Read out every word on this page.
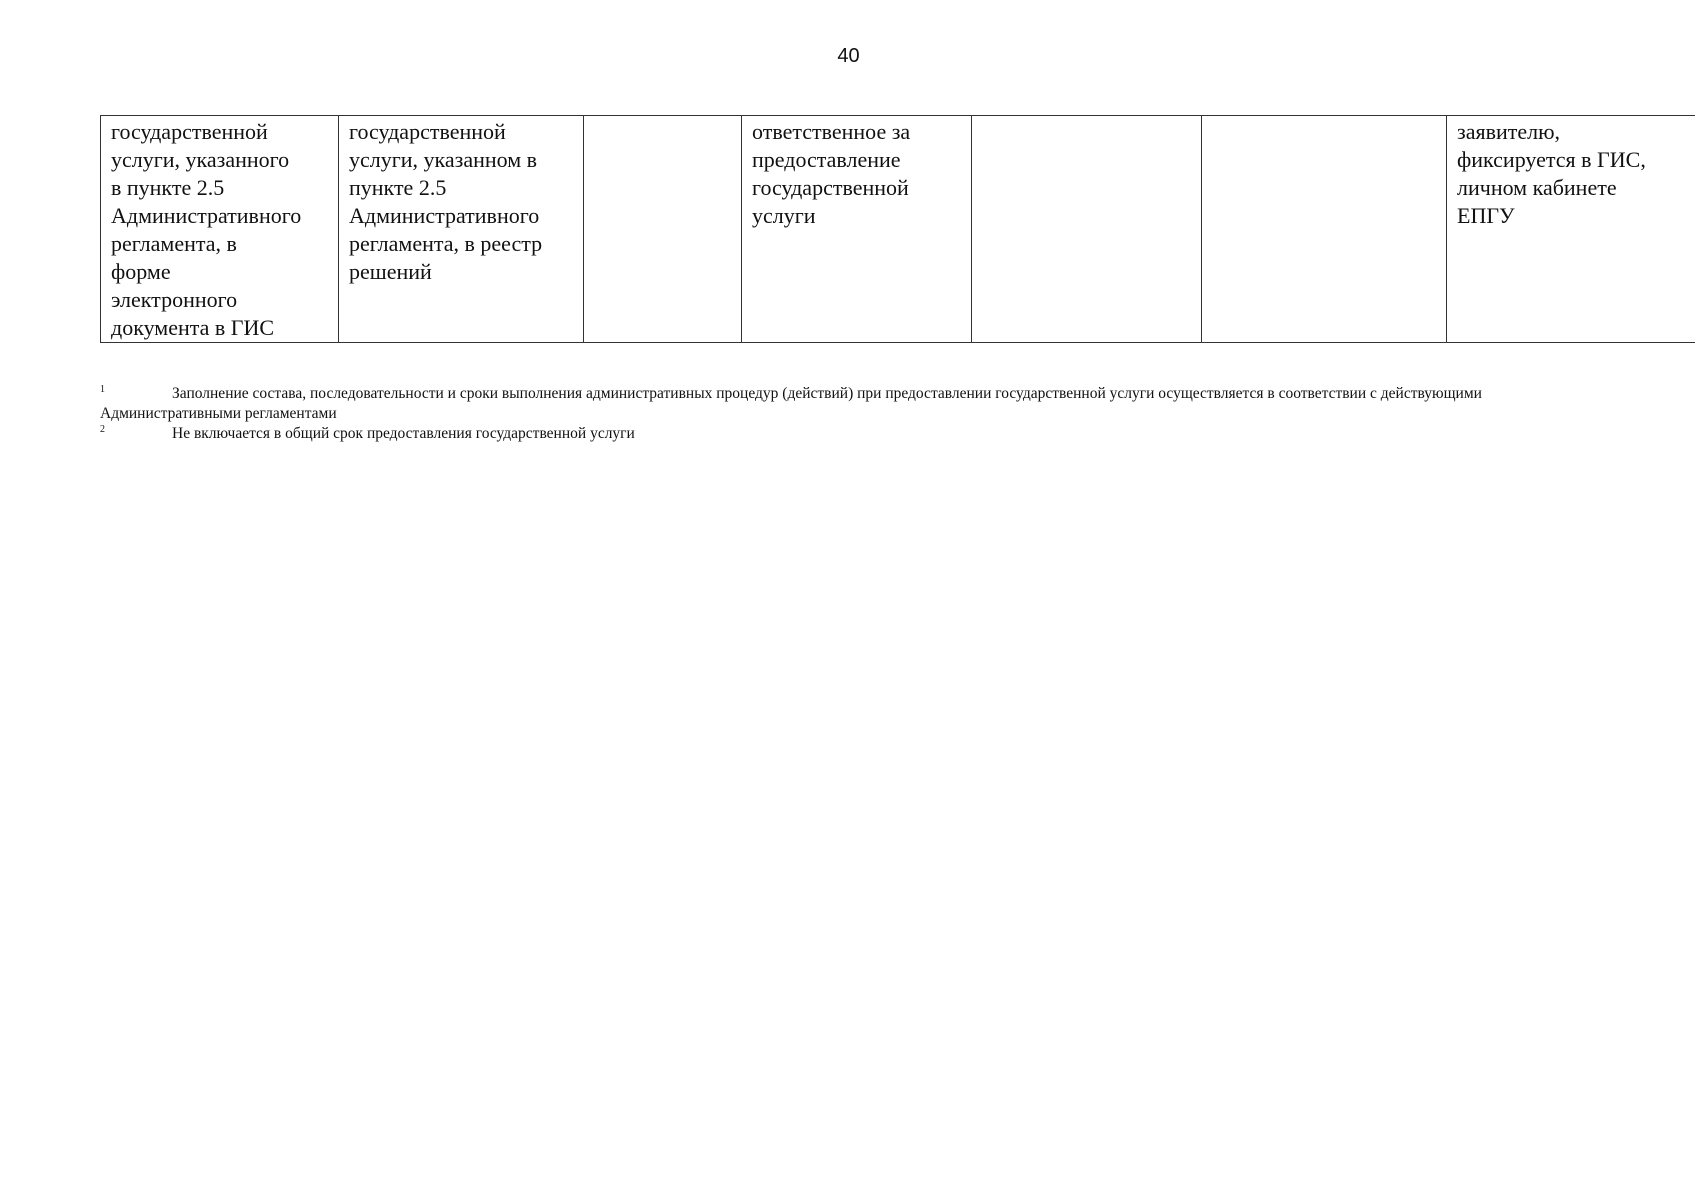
40
государственной
услуги, указанного
в пункте 2.5
Административного
регламента, в
форме
электронного
документа в ГИС	государственной
услуги, указанном в
пункте 2.5
Административного
регламента, в реестр
решений		ответственное за
предоставление
государственной
услуги			заявителю,
фиксируется в ГИС,
личном кабинете
ЕПГУ
1	Заполнение состава, последовательности и сроки выполнения административных процедур (действий) при предоставлении государственной услуги осуществляется в соответствии с действующими Административными регламентами
2	Не включается в общий срок предоставления государственной услуги
